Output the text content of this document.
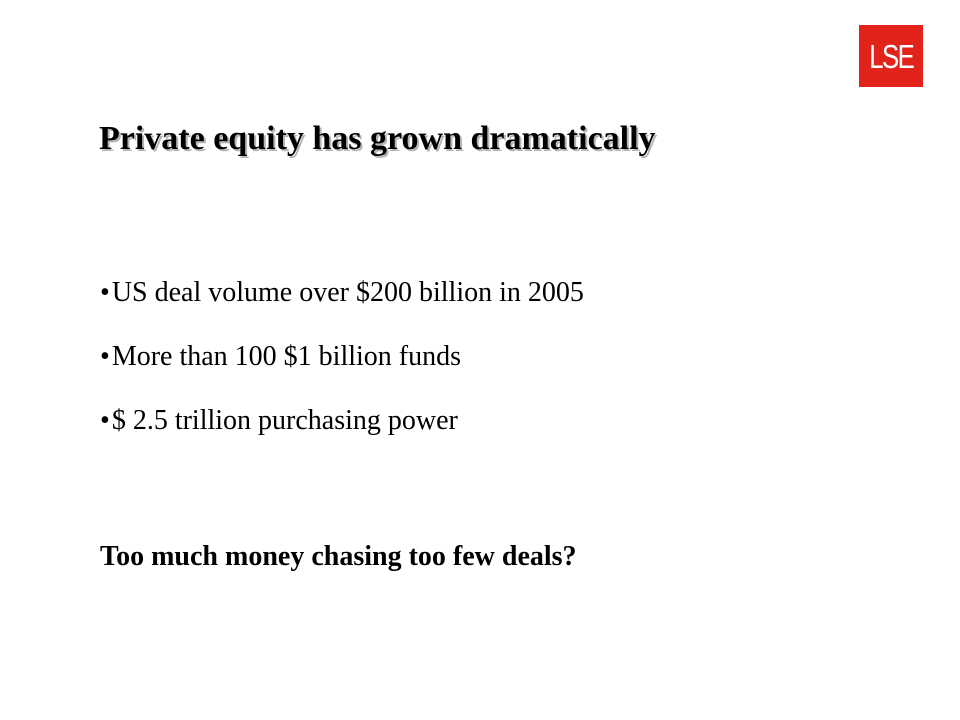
LSE
Private equity has grown dramatically
•US deal volume over $200 billion in 2005
•More than 100 $1 billion funds
•$ 2.5 trillion purchasing power

Too much money chasing too few deals?
